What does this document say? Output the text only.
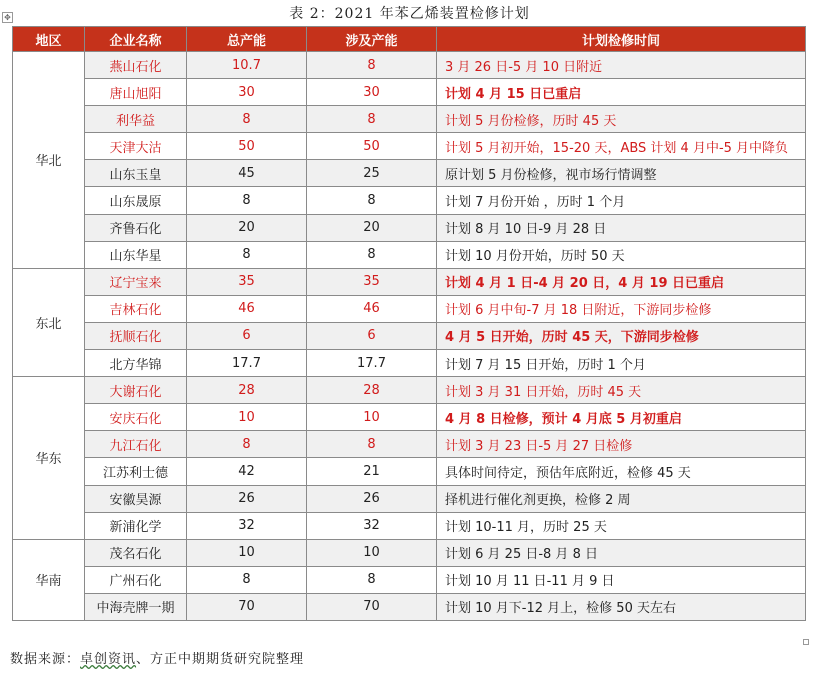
表 2：2021 年苯乙烯装置检修计划
✥
地区	企业名称	总产能	涉及产能	计划检修时间
华北	燕山石化	10.7	8	3 月 26 日-5 月 10 日附近
	唐山旭阳	30	30	计划 4 月 15 日已重启
	利华益	8	8	计划 5 月份检修，历时 45 天
	天津大沽	50	50	计划 5 月初开始，15-20 天，ABS 计划 4 月中-5 月中降负
	山东玉皇	45	25	原计划 5 月份检修，视市场行情调整
	山东晟原	8	8	计划 7 月份开始 ，历时 1 个月
	齐鲁石化	20	20	计划 8 月 10 日-9 月 28 日
	山东华星	8	8	计划 10 月份开始，历时 50 天
东北	辽宁宝来	35	35	计划 4 月 1 日-4 月 20 日，4 月 19 日已重启
	吉林石化	46	46	计划 6 月中旬-7 月 18 日附近，下游同步检修
	抚顺石化	6	6	4 月 5 日开始，历时 45 天，下游同步检修
	北方华锦	17.7	17.7	计划 7 月 15 日开始，历时 1 个月
华东	大谢石化	28	28	计划 3 月 31 日开始，历时 45 天
	安庆石化	10	10	4 月 8 日检修，预计 4 月底 5 月初重启
	九江石化	8	8	计划 3 月 23 日-5 月 27 日检修
	江苏利士德	42	21	具体时间待定，预估年底附近，检修 45 天
	安徽昊源	26	26	择机进行催化剂更换，检修 2 周
	新浦化学	32	32	计划 10-11 月，历时 25 天
华南	茂名石化	10	10	计划 6 月 25 日-8 月 8 日
	广州石化	8	8	计划 10 月 11 日-11 月 9 日
	中海壳牌一期	70	70	计划 10 月下-12 月上，检修 50 天左右
数据来源：卓创资讯、方正中期期货研究院整理
